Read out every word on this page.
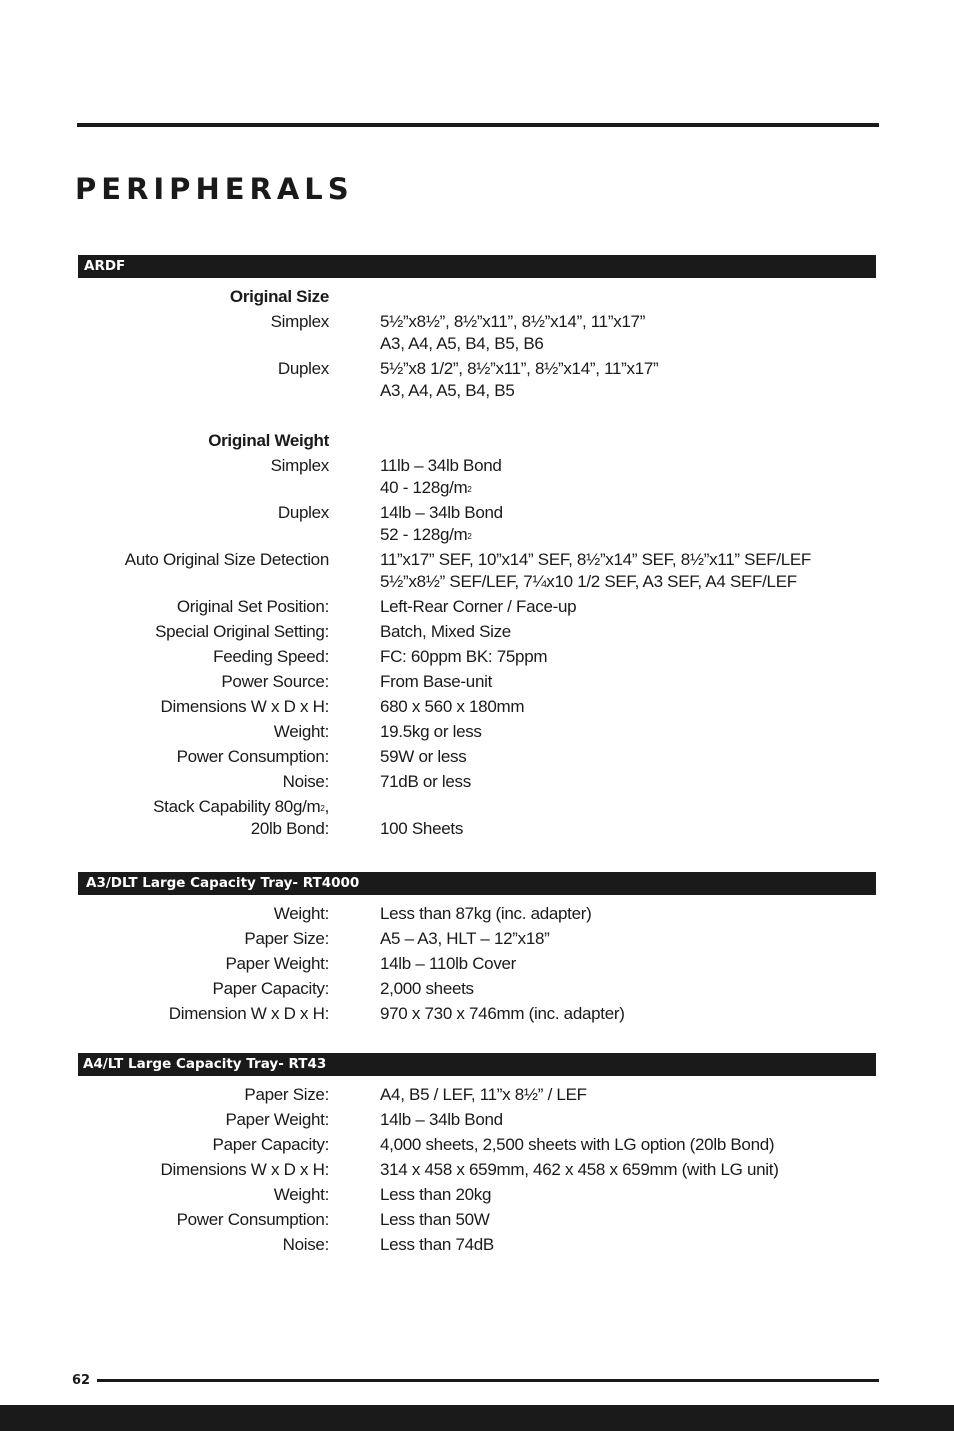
PERIPHERALS
ARDF
Original Size
Simplex	5½”x8½”, 8½”x11”, 8½”x14”, 11”x17”
A3, A4, A5, B4, B5, B6
Duplex	5½”x8 1/2”, 8½”x11”, 8½”x14”, 11”x17”
A3, A4, A5, B4, B5
Original Weight
Simplex	11lb – 34lb Bond
$40 - 128g/m^2$
Duplex	14lb – 34lb Bond
$52 - 128g/m^2$
Auto Original Size Detection	11”x17” SEF, 10”x14” SEF, 8½”x14” SEF, 8½”x11” SEF/LEF
5½”x8½” SEF/LEF, 7¼x10 1/2 SEF, A3 SEF, A4 SEF/LEF
Original Set Position:	Left-Rear Corner / Face-up
Special Original Setting:	Batch, Mixed Size
Feeding Speed:	FC: 60ppm BK: 75ppm
Power Source:	From Base-unit
Dimensions W x D x H:	680 x 560 x 180mm
Weight:	19.5kg or less
Power Consumption:	59W or less
Noise:	71dB or less
Stack Capability $80g/m^2$,
20lb Bond:	100 Sheets
A3/DLT Large Capacity Tray- RT4000
Weight:	Less than 87kg (inc. adapter)
Paper Size:	A5 – A3, HLT – 12”x18”
Paper Weight:	14lb – 110lb Cover
Paper Capacity:	2,000 sheets
Dimension W x D x H:	970 x 730 x 746mm (inc. adapter)
A4/LT Large Capacity Tray- RT43
Paper Size:	A4, B5 / LEF, 11”x 8½” / LEF
Paper Weight:	14lb – 34lb Bond
Paper Capacity:	4,000 sheets, 2,500 sheets with LG option (20lb Bond)
Dimensions W x D x H:	314 x 458 x 659mm, 462 x 458 x 659mm (with LG unit)
Weight:	Less than 20kg
Power Consumption:	Less than 50W
Noise:	Less than 74dB
62
